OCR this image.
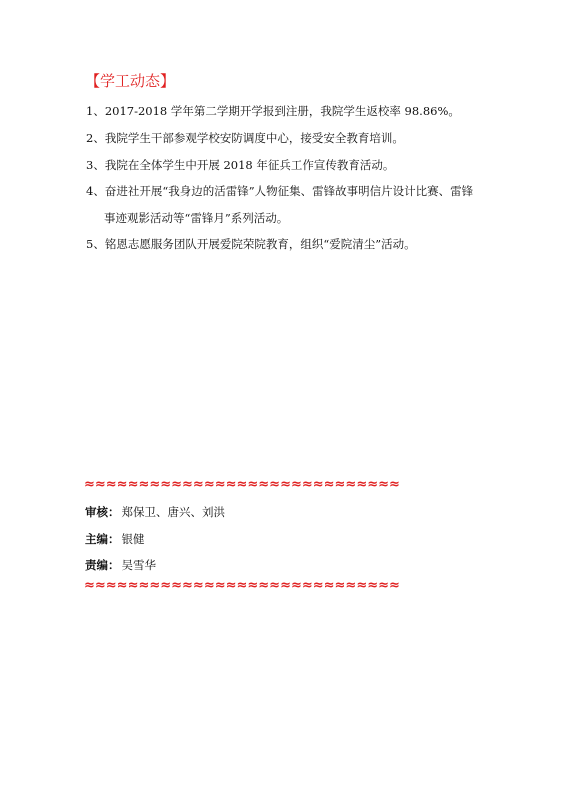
【学工动态】
1、2017-2018 学年第二学期开学报到注册，我院学生返校率 98.86%。
2、我院学生干部参观学校安防调度中心，接受安全教育培训。
3、我院在全体学生中开展 2018 年征兵工作宣传教育活动。
4、奋进社开展“我身边的活雷锋”人物征集、雷锋故事明信片设计比赛、雷锋
事迹观影活动等“雷锋月”系列活动。
5、铭恩志愿服务团队开展爱院荣院教育，组织“爱院清尘”活动。
≈≈≈≈≈≈≈≈≈≈≈≈≈≈≈≈≈≈≈≈≈≈≈≈≈≈≈≈≈
审核： 郑保卫、唐兴、刘洪
主编： 银健
责编： 吴雪华
≈≈≈≈≈≈≈≈≈≈≈≈≈≈≈≈≈≈≈≈≈≈≈≈≈≈≈≈≈
